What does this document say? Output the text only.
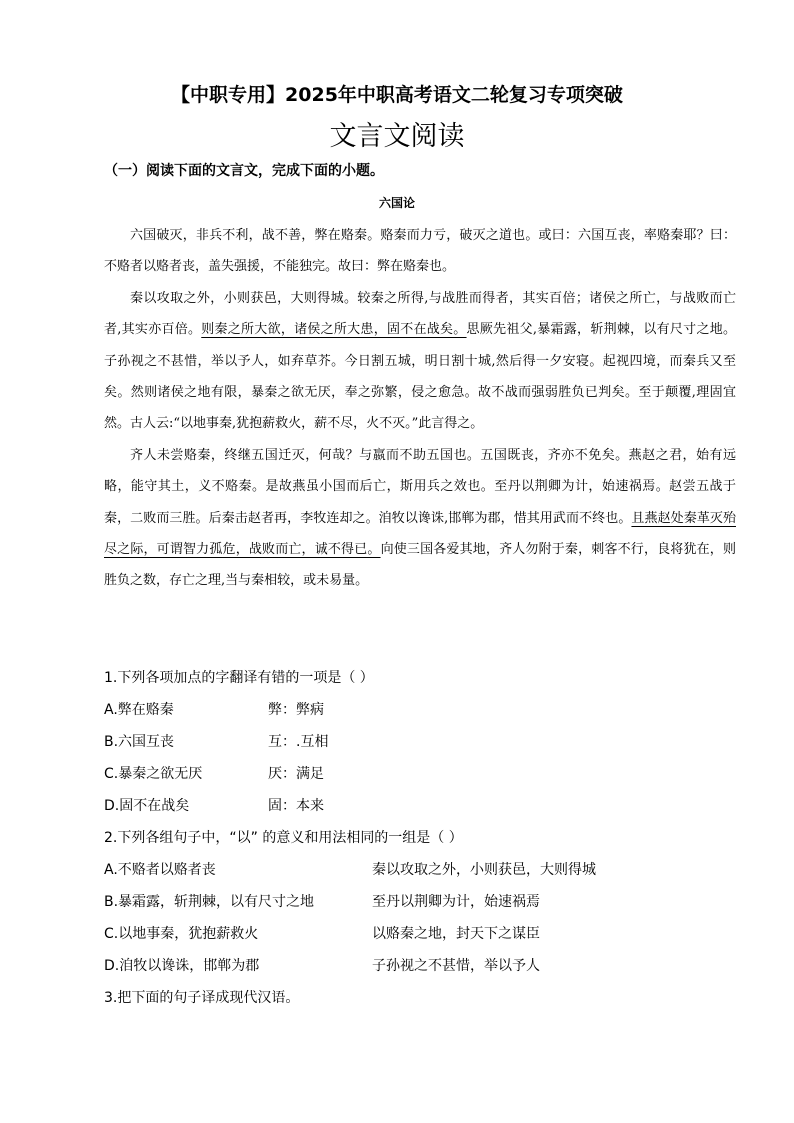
【中职专用】2025年中职高考语文二轮复习专项突破
文言文阅读
（一）阅读下面的文言文，完成下面的小题。
六国论

六国破灭，非兵不利，战不善，弊在赂秦。赂秦而力亏，破灭之道也。或曰：六国互丧，率赂秦耶？曰：不赂者以赂者丧，盖失强援，不能独完。故曰：弊在赂秦也。

秦以攻取之外，小则获邑，大则得城。较秦之所得,与战胜而得者，其实百倍；诸侯之所亡，与战败而亡者,其实亦百倍。则秦之所大欲，诸侯之所大患，固不在战矣。思厥先祖父,暴霜露，斩荆棘，以有尺寸之地。子孙视之不甚惜，举以予人，如弃草芥。今日割五城，明日割十城,然后得一夕安寝。起视四境，而秦兵又至矣。然则诸侯之地有限，暴秦之欲无厌，奉之弥繁，侵之愈急。故不战而强弱胜负已判矣。至于颠覆,理固宜然。古人云:“以地事秦,犹抱薪救火，薪不尽，火不灭。”此言得之。

齐人未尝赂秦，终继五国迁灭，何哉？与嬴而不助五国也。五国既丧，齐亦不免矣。燕赵之君，始有远略，能守其土，义不赂秦。是故燕虽小国而后亡，斯用兵之效也。至丹以荆卿为计，始速祸焉。赵尝五战于秦，二败而三胜。后秦击赵者再，李牧连却之。洎牧以谗诛,邯郸为郡，惜其用武而不终也。且燕赵处秦革灭殆尽之际，可谓智力孤危，战败而亡，诚不得已。向使三国各爱其地，齐人勿附于秦，刺客不行，良将犹在，则胜负之数，存亡之理,当与秦相较，或未易量。

1.下列各项加点的字翻译有错的一项是（ ）
A.弊在赂秦	弊：弊病
B.六国互丧	互：.互相
C.暴秦之欲无厌	厌：满足
D.固不在战矣	固：本来
2.下列各组句子中，“以” 的意义和用法相同的一组是（ ）
A.不赂者以赂者丧	秦以攻取之外，小则获邑，大则得城
B.暴霜露，斩荆棘，以有尺寸之地	至丹以荆卿为计，始速祸焉
C.以地事秦，犹抱薪救火	以赂秦之地，封天下之谋臣
D.洎牧以谗诛，邯郸为郡	子孙视之不甚惜，举以予人
3.把下面的句子译成现代汉语。
